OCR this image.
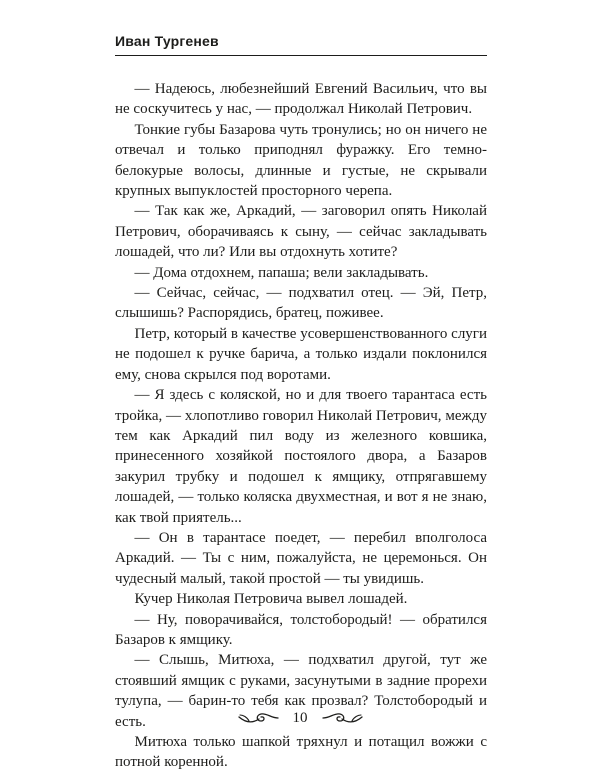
Иван Тургенев

— Надеюсь, любезнейший Евгений Васильич, что вы не соскучитесь у нас, — продолжал Николай Петрович.

Тонкие губы Базарова чуть тронулись; но он ничего не отвечал и только приподнял фуражку. Его темнобелокурые волосы, длинные и густые, не скрывали крупных выпуклостей просторного черепа.

— Так как же, Аркадий, — заговорил опять Николай Петрович, оборачиваясь к сыну, — сейчас закладывать лошадей, что ли? Или вы отдохнуть хотите?

— Дома отдохнем, папаша; вели закладывать.

— Сейчас, сейчас, — подхватил отец. — Эй, Петр, слышишь? Распорядись, братец, поживее.

Петр, который в качестве усовершенствованного слуги не подошел к ручке барича, а только издали поклонился ему, снова скрылся под воротами.

— Я здесь с коляской, но и для твоего тарантаса есть тройка, — хлопотливо говорил Николай Петрович, между тем как Аркадий пил воду из железного ковшика, принесенного хозяйкой постоялого двора, а Базаров закурил трубку и подошел к ямщику, отпрягавшему лошадей, — только коляска двухместная, и вот я не знаю, как твой приятель...

— Он в тарантасе поедет, — перебил вполголоса Аркадий. — Ты с ним, пожалуйста, не церемонься. Он чудесный малый, такой простой — ты увидишь.

Кучер Николая Петровича вывел лошадей.

— Ну, поворачивайся, толстобородый! — обратился Базаров к ямщику.

— Слышь, Митюха, — подхватил другой, тут же стоявший ямщик с руками, засунутыми в задние прорехи тулупа, — барин-то тебя как прозвал? Толстобородый и есть.

Митюха только шапкой тряхнул и потащил вожжи с потной коренной.

10
